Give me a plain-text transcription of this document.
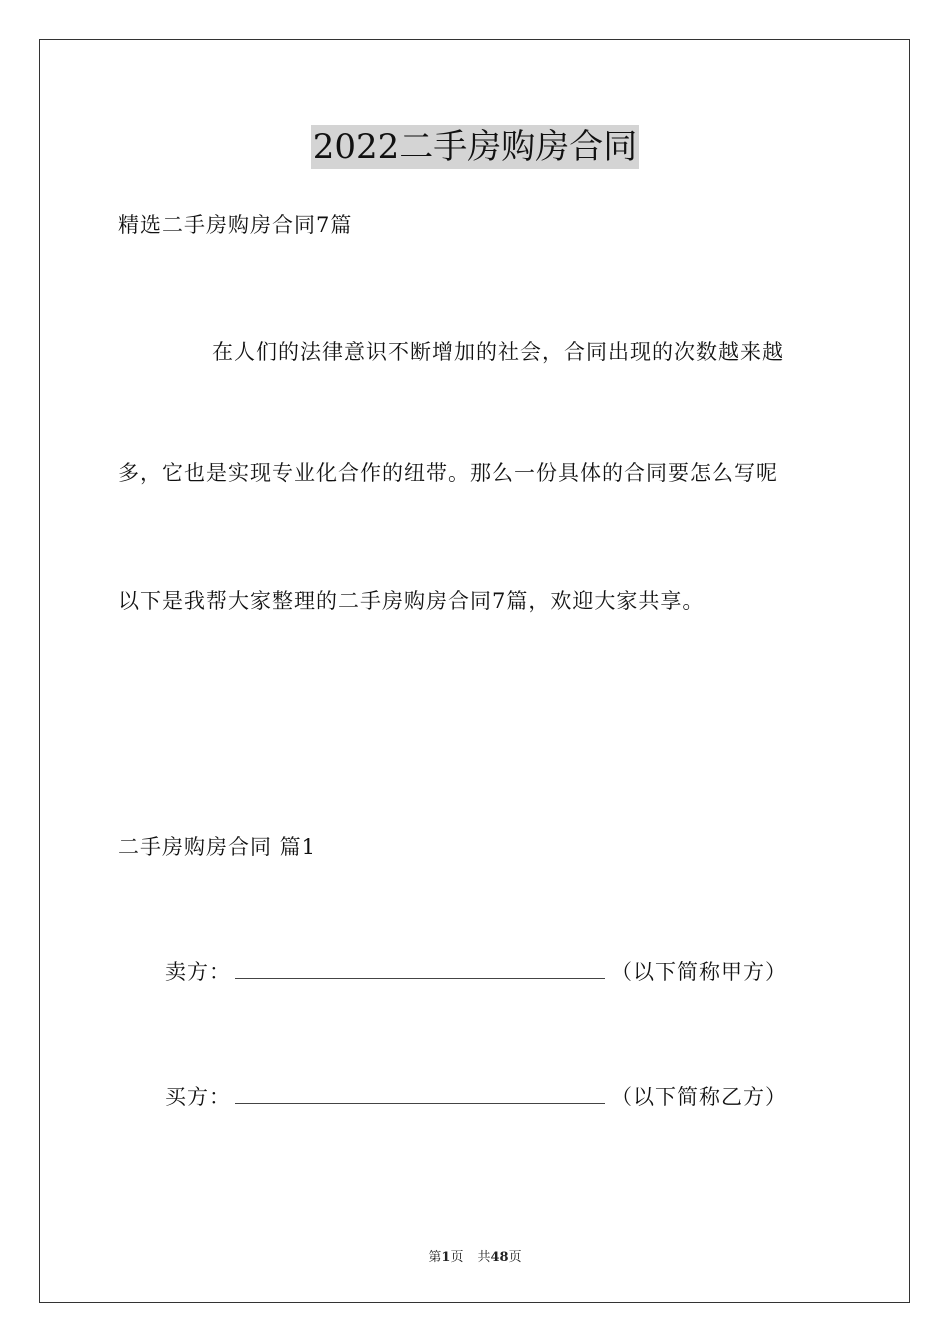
2022二手房购房合同
精选二手房购房合同7篇
在人们的法律意识不断增加的社会，合同出现的次数越来越
多，它也是实现专业化合作的纽带。那么一份具体的合同要怎么写呢
以下是我帮大家整理的二手房购房合同7篇，欢迎大家共享。
二手房购房合同 篇1
卖方：	（以下简称甲方）
买方：	（以下简称乙方）
第1页 共48页
